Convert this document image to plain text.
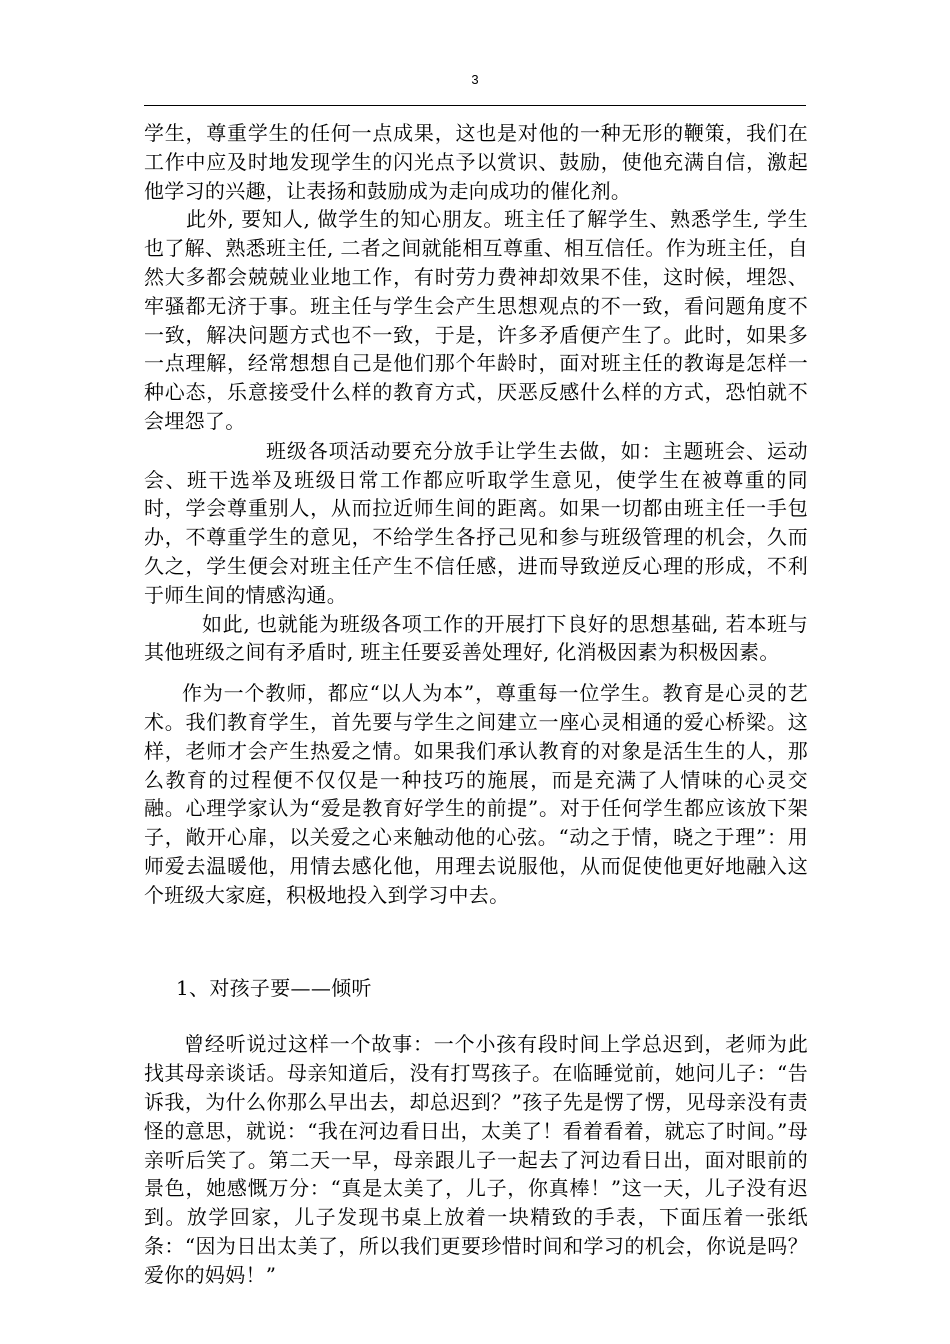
3

学生，尊重学生的任何一点成果，这也是对他的一种无形的鞭策，我们在工作中应及时地发现学生的闪光点予以赏识、鼓励，使他充满自信，激起他学习的兴趣，让表扬和鼓励成为走向成功的催化剂。

此外, 要知人, 做学生的知心朋友。班主任了解学生、熟悉学生, 学生也了解、熟悉班主任, 二者之间就能相互尊重、相互信任。作为班主任，自然大多都会兢兢业业地工作，有时劳力费神却效果不佳，这时候，埋怨、牢骚都无济于事。班主任与学生会产生思想观点的不一致，看问题角度不一致，解决问题方式也不一致，于是，许多矛盾便产生了。此时，如果多一点理解，经常想想自己是他们那个年龄时，面对班主任的教诲是怎样一种心态，乐意接受什么样的教育方式，厌恶反感什么样的方式，恐怕就不会埋怨了。

班级各项活动要充分放手让学生去做，如：主题班会、运动会、班干选举及班级日常工作都应听取学生意见，使学生在被尊重的同时，学会尊重别人，从而拉近师生间的距离。如果一切都由班主任一手包办，不尊重学生的意见，不给学生各抒己见和参与班级管理的机会，久而久之，学生便会对班主任产生不信任感，进而导致逆反心理的形成，不利于师生间的情感沟通。

如此, 也就能为班级各项工作的开展打下良好的思想基础, 若本班与其他班级之间有矛盾时, 班主任要妥善处理好, 化消极因素为积极因素。

作为一个教师，都应“以人为本”，尊重每一位学生。教育是心灵的艺术。我们教育学生，首先要与学生之间建立一座心灵相通的爱心桥梁。这样，老师才会产生热爱之情。如果我们承认教育的对象是活生生的人，那么教育的过程便不仅仅是一种技巧的施展，而是充满了人情味的心灵交融。心理学家认为“爱是教育好学生的前提”。对于任何学生都应该放下架子，敞开心扉，以关爱之心来触动他的心弦。“动之于情，晓之于理”：用师爱去温暖他，用情去感化他，用理去说服他，从而促使他更好地融入这个班级大家庭，积极地投入到学习中去。

1、对孩子要——倾听

曾经听说过这样一个故事：一个小孩有段时间上学总迟到，老师为此找其母亲谈话。母亲知道后，没有打骂孩子。在临睡觉前，她问儿子：“告诉我，为什么你那么早出去，却总迟到？”孩子先是愣了愣，见母亲没有责怪的意思，就说：“我在河边看日出，太美了！看着看着，就忘了时间。”母亲听后笑了。第二天一早，母亲跟儿子一起去了河边看日出，面对眼前的景色，她感慨万分：“真是太美了，儿子，你真棒！”这一天，儿子没有迟到。放学回家，儿子发现书桌上放着一块精致的手表，下面压着一张纸条：“因为日出太美了，所以我们更要珍惜时间和学习的机会，你说是吗？爱你的妈妈！”
